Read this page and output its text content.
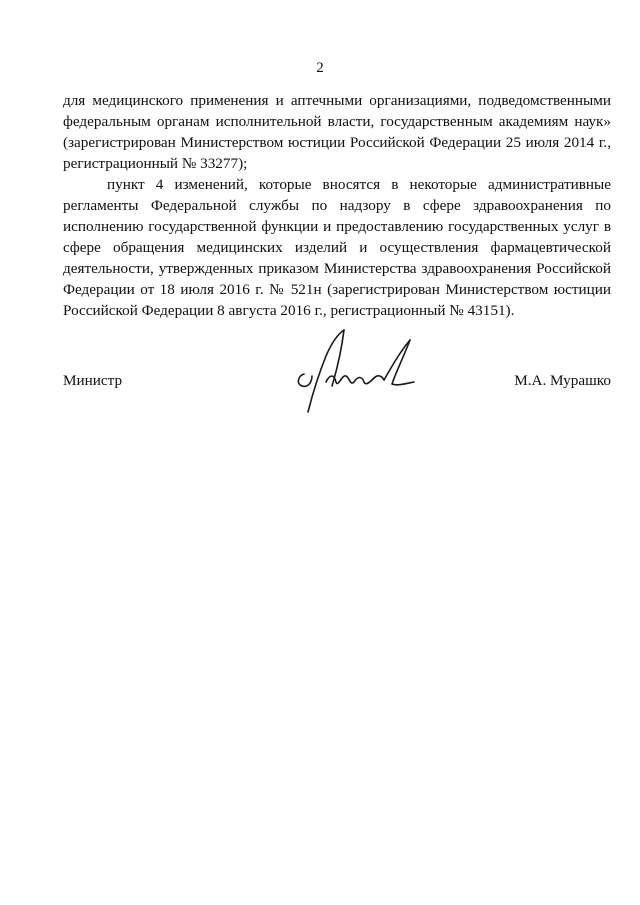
2

для медицинского применения и аптечными организациями, подведомственными федеральным органам исполнительной власти, государственным академиям наук» (зарегистрирован Министерством юстиции Российской Федерации 25 июля 2014 г., регистрационный № 33277);

пункт 4 изменений, которые вносятся в некоторые административные регламенты Федеральной службы по надзору в сфере здравоохранения по исполнению государственной функции и предоставлению государственных услуг в сфере обращения медицинских изделий и осуществления фармацевтической деятельности, утвержденных приказом Министерства здравоохранения Российской Федерации от 18 июля 2016 г. № 521н (зарегистрирован Министерством юстиции Российской Федерации 8 августа 2016 г., регистрационный № 43151).

Министр	М.А. Мурашко
